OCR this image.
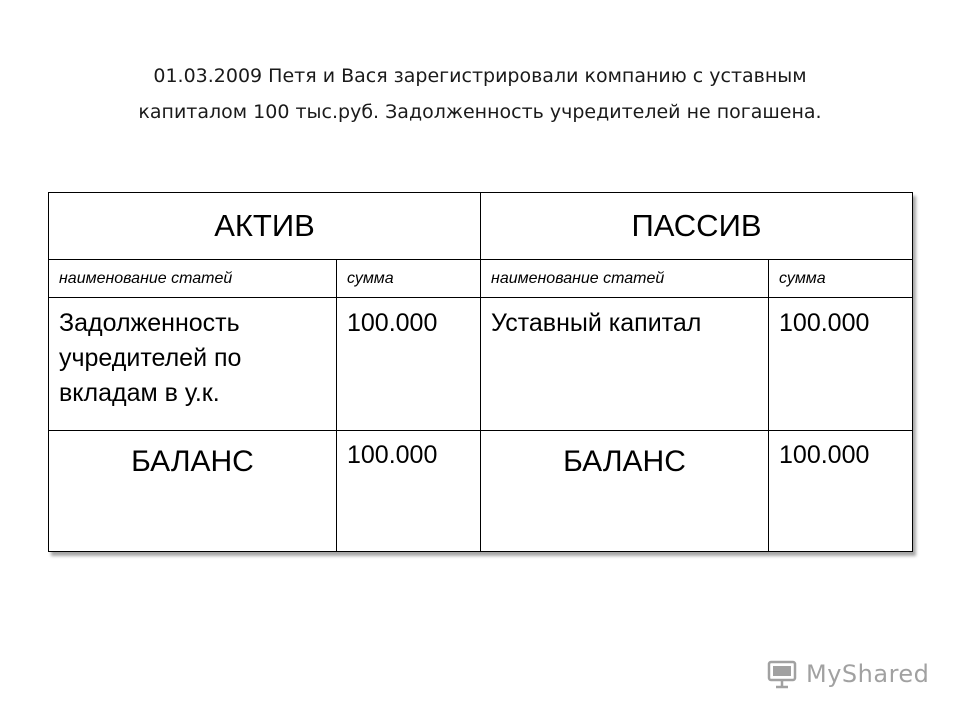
01.03.2009 Петя и Вася зарегистрировали компанию с уставным
капиталом 100 тыс.руб. Задолженность учредителей не погашена.
АКТИВ		ПАССИВ	
наименование статей	сумма	наименование статей	сумма
Задолженность учредителей по вкладам в у.к.	100.000	Уставный капитал	100.000
БАЛАНС	100.000	БАЛАНС	100.000
MyShared
